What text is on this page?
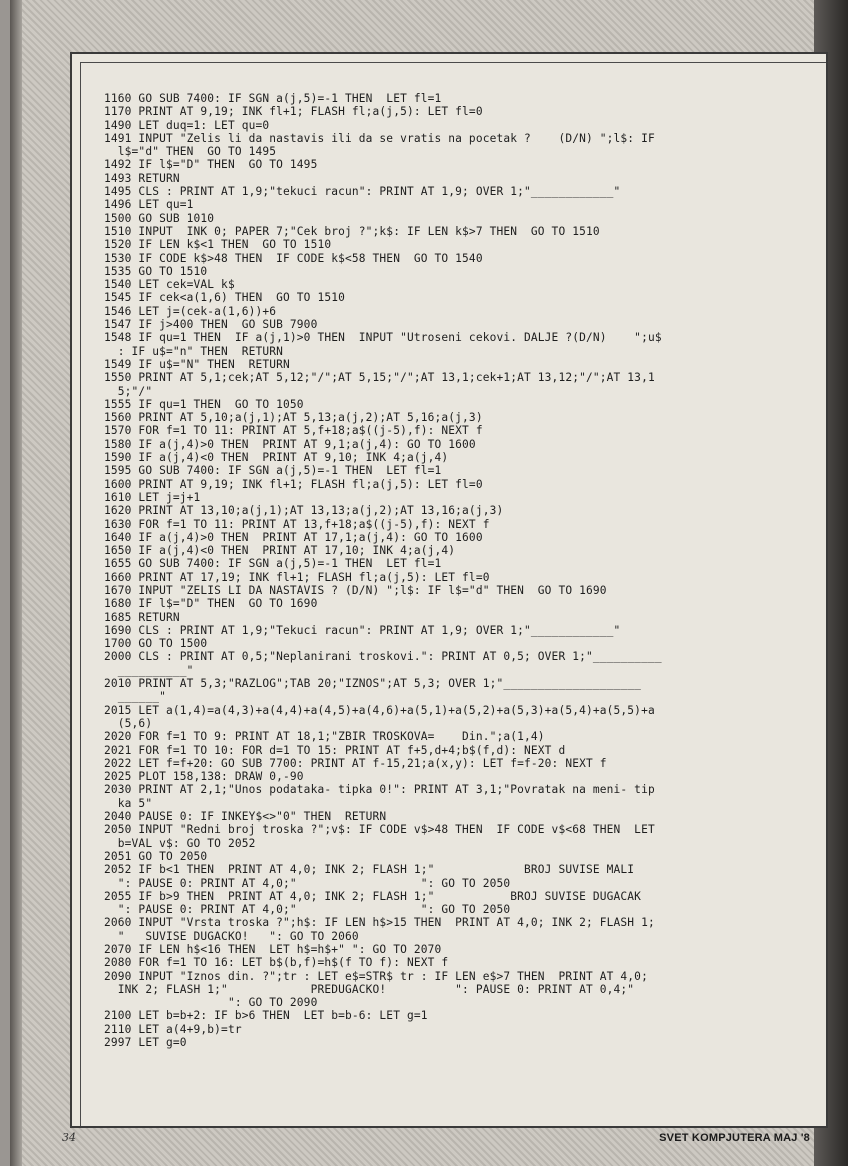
1160 GO SUB 7400: IF SGN a(j,5)=-1 THEN  LET fl=1
1170 PRINT AT 9,19; INK fl+1; FLASH fl;a(j,5): LET fl=0
1490 LET duq=1: LET qu=0
1491 INPUT "Zelis li da nastavis ili da se vratis na pocetak ?    (D/N) ";l$: IF
l$="d" THEN  GO TO 1495
1492 IF l$="D" THEN  GO TO 1495
1493 RETURN
1495 CLS : PRINT AT 1,9;"tekuci racun": PRINT AT 1,9; OVER 1;"____________"
1496 LET qu=1
1500 GO SUB 1010
1510 INPUT  INK 0; PAPER 7;"Cek broj ?";k$: IF LEN k$>7 THEN  GO TO 1510
1520 IF LEN k$<1 THEN  GO TO 1510
1530 IF CODE k$>48 THEN  IF CODE k$<58 THEN  GO TO 1540
1535 GO TO 1510
1540 LET cek=VAL k$
1545 IF cek<a(1,6) THEN  GO TO 1510
1546 LET j=(cek-a(1,6))+6
1547 IF j>400 THEN  GO SUB 7900
1548 IF qu=1 THEN  IF a(j,1)>0 THEN  INPUT "Utroseni cekovi. DALJE ?(D/N)    ";u$
: IF u$="n" THEN  RETURN
1549 IF u$="N" THEN  RETURN
1550 PRINT AT 5,1;cek;AT 5,12;"/";AT 5,15;"/";AT 13,1;cek+1;AT 13,12;"/";AT 13,1
5;"/"
1555 IF qu=1 THEN  GO TO 1050
1560 PRINT AT 5,10;a(j,1);AT 5,13;a(j,2);AT 5,16;a(j,3)
1570 FOR f=1 TO 11: PRINT AT 5,f+18;a$((j-5),f): NEXT f
1580 IF a(j,4)>0 THEN  PRINT AT 9,1;a(j,4): GO TO 1600
1590 IF a(j,4)<0 THEN  PRINT AT 9,10; INK 4;a(j,4)
1595 GO SUB 7400: IF SGN a(j,5)=-1 THEN  LET fl=1
1600 PRINT AT 9,19; INK fl+1; FLASH fl;a(j,5): LET fl=0
1610 LET j=j+1
1620 PRINT AT 13,10;a(j,1);AT 13,13;a(j,2);AT 13,16;a(j,3)
1630 FOR f=1 TO 11: PRINT AT 13,f+18;a$((j-5),f): NEXT f
1640 IF a(j,4)>0 THEN  PRINT AT 17,1;a(j,4): GO TO 1600
1650 IF a(j,4)<0 THEN  PRINT AT 17,10; INK 4;a(j,4)
1655 GO SUB 7400: IF SGN a(j,5)=-1 THEN  LET fl=1
1660 PRINT AT 17,19; INK fl+1; FLASH fl;a(j,5): LET fl=0
1670 INPUT "ZELIS LI DA NASTAVIS ? (D/N) ";l$: IF l$="d" THEN  GO TO 1690
1680 IF l$="D" THEN  GO TO 1690
1685 RETURN
1690 CLS : PRINT AT 1,9;"Tekuci racun": PRINT AT 1,9; OVER 1;"____________"
1700 GO TO 1500
2000 CLS : PRINT AT 0,5;"Neplanirani troskovi.": PRINT AT 0,5; OVER 1;"__________
__________"
2010 PRINT AT 5,3;"RAZLOG";TAB 20;"IZNOS";AT 5,3; OVER 1;"____________________
______"
2015 LET a(1,4)=a(4,3)+a(4,4)+a(4,5)+a(4,6)+a(5,1)+a(5,2)+a(5,3)+a(5,4)+a(5,5)+a
(5,6)
2020 FOR f=1 TO 9: PRINT AT 18,1;"ZBIR TROSKOVA=    Din.";a(1,4)
2021 FOR f=1 TO 10: FOR d=1 TO 15: PRINT AT f+5,d+4;b$(f,d): NEXT d
2022 LET f=f+20: GO SUB 7700: PRINT AT f-15,21;a(x,y): LET f=f-20: NEXT f
2025 PLOT 158,138: DRAW 0,-90
2030 PRINT AT 2,1;"Unos podataka- tipka 0!": PRINT AT 3,1;"Povratak na meni- tip
ka 5"
2040 PAUSE 0: IF INKEY$<>"0" THEN  RETURN
2050 INPUT "Redni broj troska ?";v$: IF CODE v$>48 THEN  IF CODE v$<68 THEN  LET
b=VAL v$: GO TO 2052
2051 GO TO 2050
2052 IF b<1 THEN  PRINT AT 4,0; INK 2; FLASH 1;"             BROJ SUVISE MALI
": PAUSE 0: PRINT AT 4,0;"                  ": GO TO 2050
2055 IF b>9 THEN  PRINT AT 4,0; INK 2; FLASH 1;"           BROJ SUVISE DUGACAK
": PAUSE 0: PRINT AT 4,0;"                  ": GO TO 2050
2060 INPUT "Vrsta troska ?";h$: IF LEN h$>15 THEN  PRINT AT 4,0; INK 2; FLASH 1;
"   SUVISE DUGACKO!   ": GO TO 2060
2070 IF LEN h$<16 THEN  LET h$=h$+" ": GO TO 2070
2080 FOR f=1 TO 16: LET b$(b,f)=h$(f TO f): NEXT f
2090 INPUT "Iznos din. ?";tr : LET e$=STR$ tr : IF LEN e$>7 THEN  PRINT AT 4,0;
INK 2; FLASH 1;"            PREDUGACKO!          ": PAUSE 0: PRINT AT 0,4;"
": GO TO 2090
2100 LET b=b+2: IF b>6 THEN  LET b=b-6: LET g=1
2110 LET a(4+9,b)=tr
2997 LET g=0
34	SVET KOMPJUTERA MAJ '8
